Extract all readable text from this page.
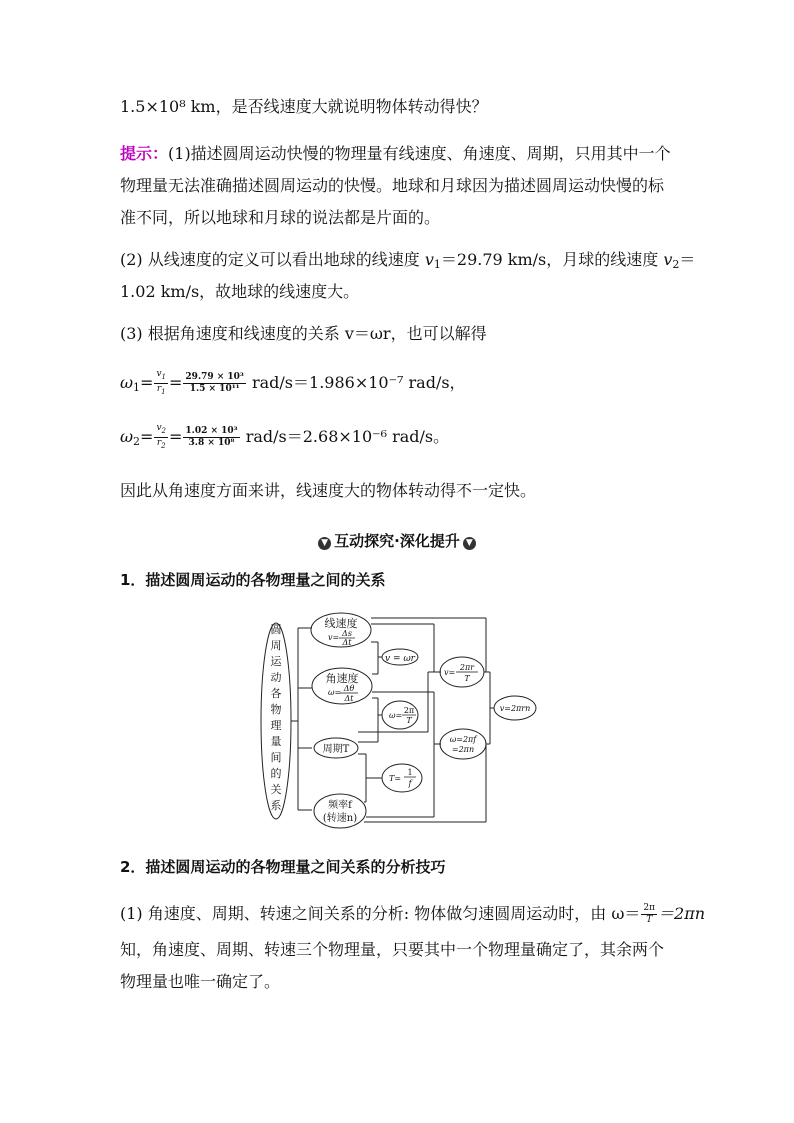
1.5×10⁸ km，是否线速度大就说明物体转动得快？
提示：(1)描述圆周运动快慢的物理量有线速度、角速度、周期，只用其中一个
物理量无法准确描述圆周运动的快慢。地球和月球因为描述圆周运动快慢的标
准不同，所以地球和月球的说法都是片面的。
(2) 从线速度的定义可以看出地球的线速度 $v_1=29.79$ km/s，月球的线速度 $v_2=$
1.02 km/s，故地球的线速度大。
(3) 根据角速度和线速度的关系 v＝ωr，也可以解得
$\omega_1= \frac{v_1}{r_1} = \frac{\text{29.79 × 10³}}{\text{1.5 × 10¹¹}} rad/s=1.986\times 10^{-7}$ rad/s，
$\omega_2= \frac{v_2}{r_2} = \frac{\text{1.02 × 10³}}{\text{3.8 × 10⁸}} rad/s=2.68\times 10^{-6}$ rad/s。
因此从角速度方面来讲，线速度大的物体转动得不一定快。
▼ 互动探究·深化提升 ▼
1．描述圆周运动的各物理量之间的关系
圆
周
运
动
各
物
理
量
间
的
关
系
线速度
v= Δs
Δt
角速度
ω= Δθ
Δt
周期T
频率f
(转速n)
v = ωr
ω=
2π
T
T=
1
f
v=
2πr
T
ω=2πf
=2πn
v=2πrn
2．描述圆周运动的各物理量之间关系的分析技巧
(1) 角速度、周期、转速之间关系的分析: 物体做匀速圆周运动时，由 $\omega= \frac{2\pi}{T} =2\pi n$
知，角速度、周期、转速三个物理量，只要其中一个物理量确定了，其余两个
物理量也唯一确定了。
